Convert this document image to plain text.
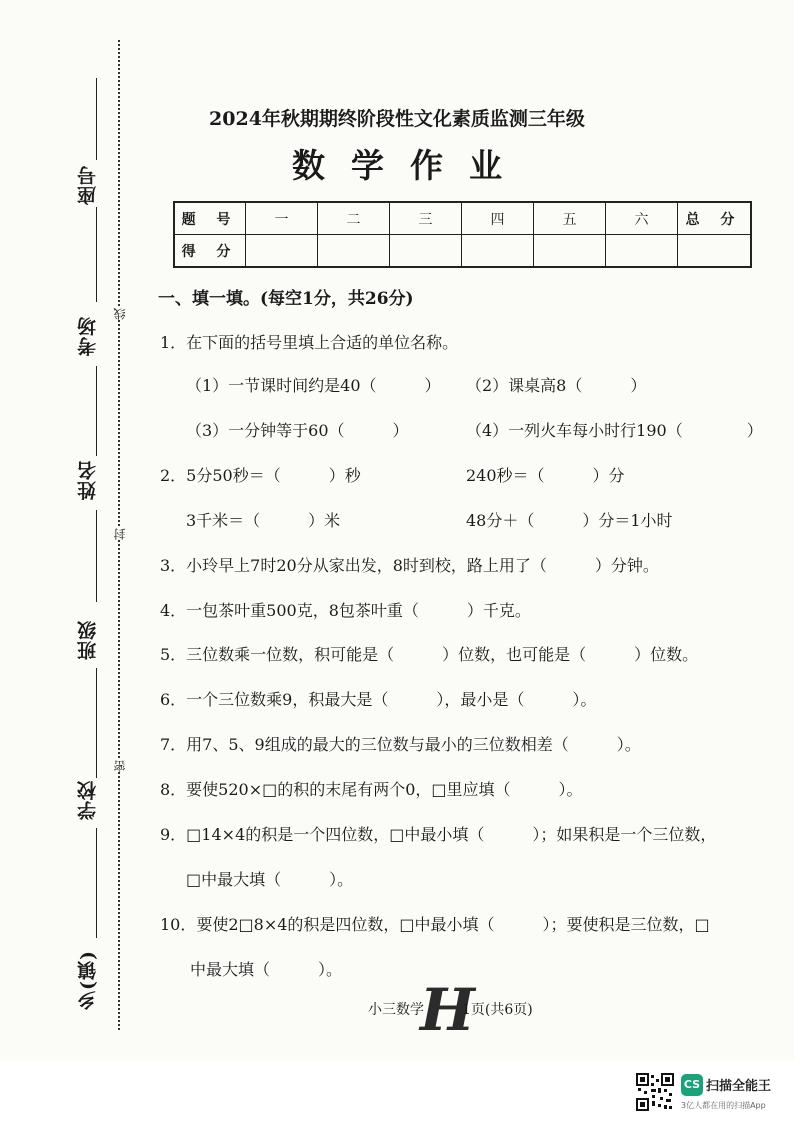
座号
考场
姓名
班级
学校
乡(镇)
线
封
密
2024年秋期期终阶段性文化素质监测三年级
数学作业
题 号	一	二	三	四	五	六	总 分
得 分							
一、填一填。(每空1分，共26分)
1．在下面的括号里填上合适的单位名称。
（1）一节课时间约是40（　　　） （2）课桌高8（　　　）
（3）一分钟等于60（　　　）	（4）一列火车每小时行190（　　　　）
2．5分50秒＝（　　　）秒	240秒＝（　　　）分
3千米＝（　　　）米	48分＋（　　　）分＝1小时
3．小玲早上7时20分从家出发，8时到校，路上用了（　　　）分钟。
4．一包茶叶重500克，8包茶叶重（　　　）千克。
5．三位数乘一位数，积可能是（　　　）位数，也可能是（　　　）位数。
6．一个三位数乘9，积最大是（　　　），最小是（　　　）。
7．用7、5、9组成的最大的三位数与最小的三位数相差（　　　）。
8．要使520×□的积的末尾有两个0，□里应填（　　　）。
9．□14×4的积是一个四位数，□中最小填（　　　）；如果积是一个三位数，
□中最大填（　　　）。
10．要使2□8×4的积是四位数，□中最小填（　　　）；要使积是三位数，□
中最大填（　　　）。
小三数学
H
1页(共6页)
CS 扫描全能王
3亿人都在用的扫描App
